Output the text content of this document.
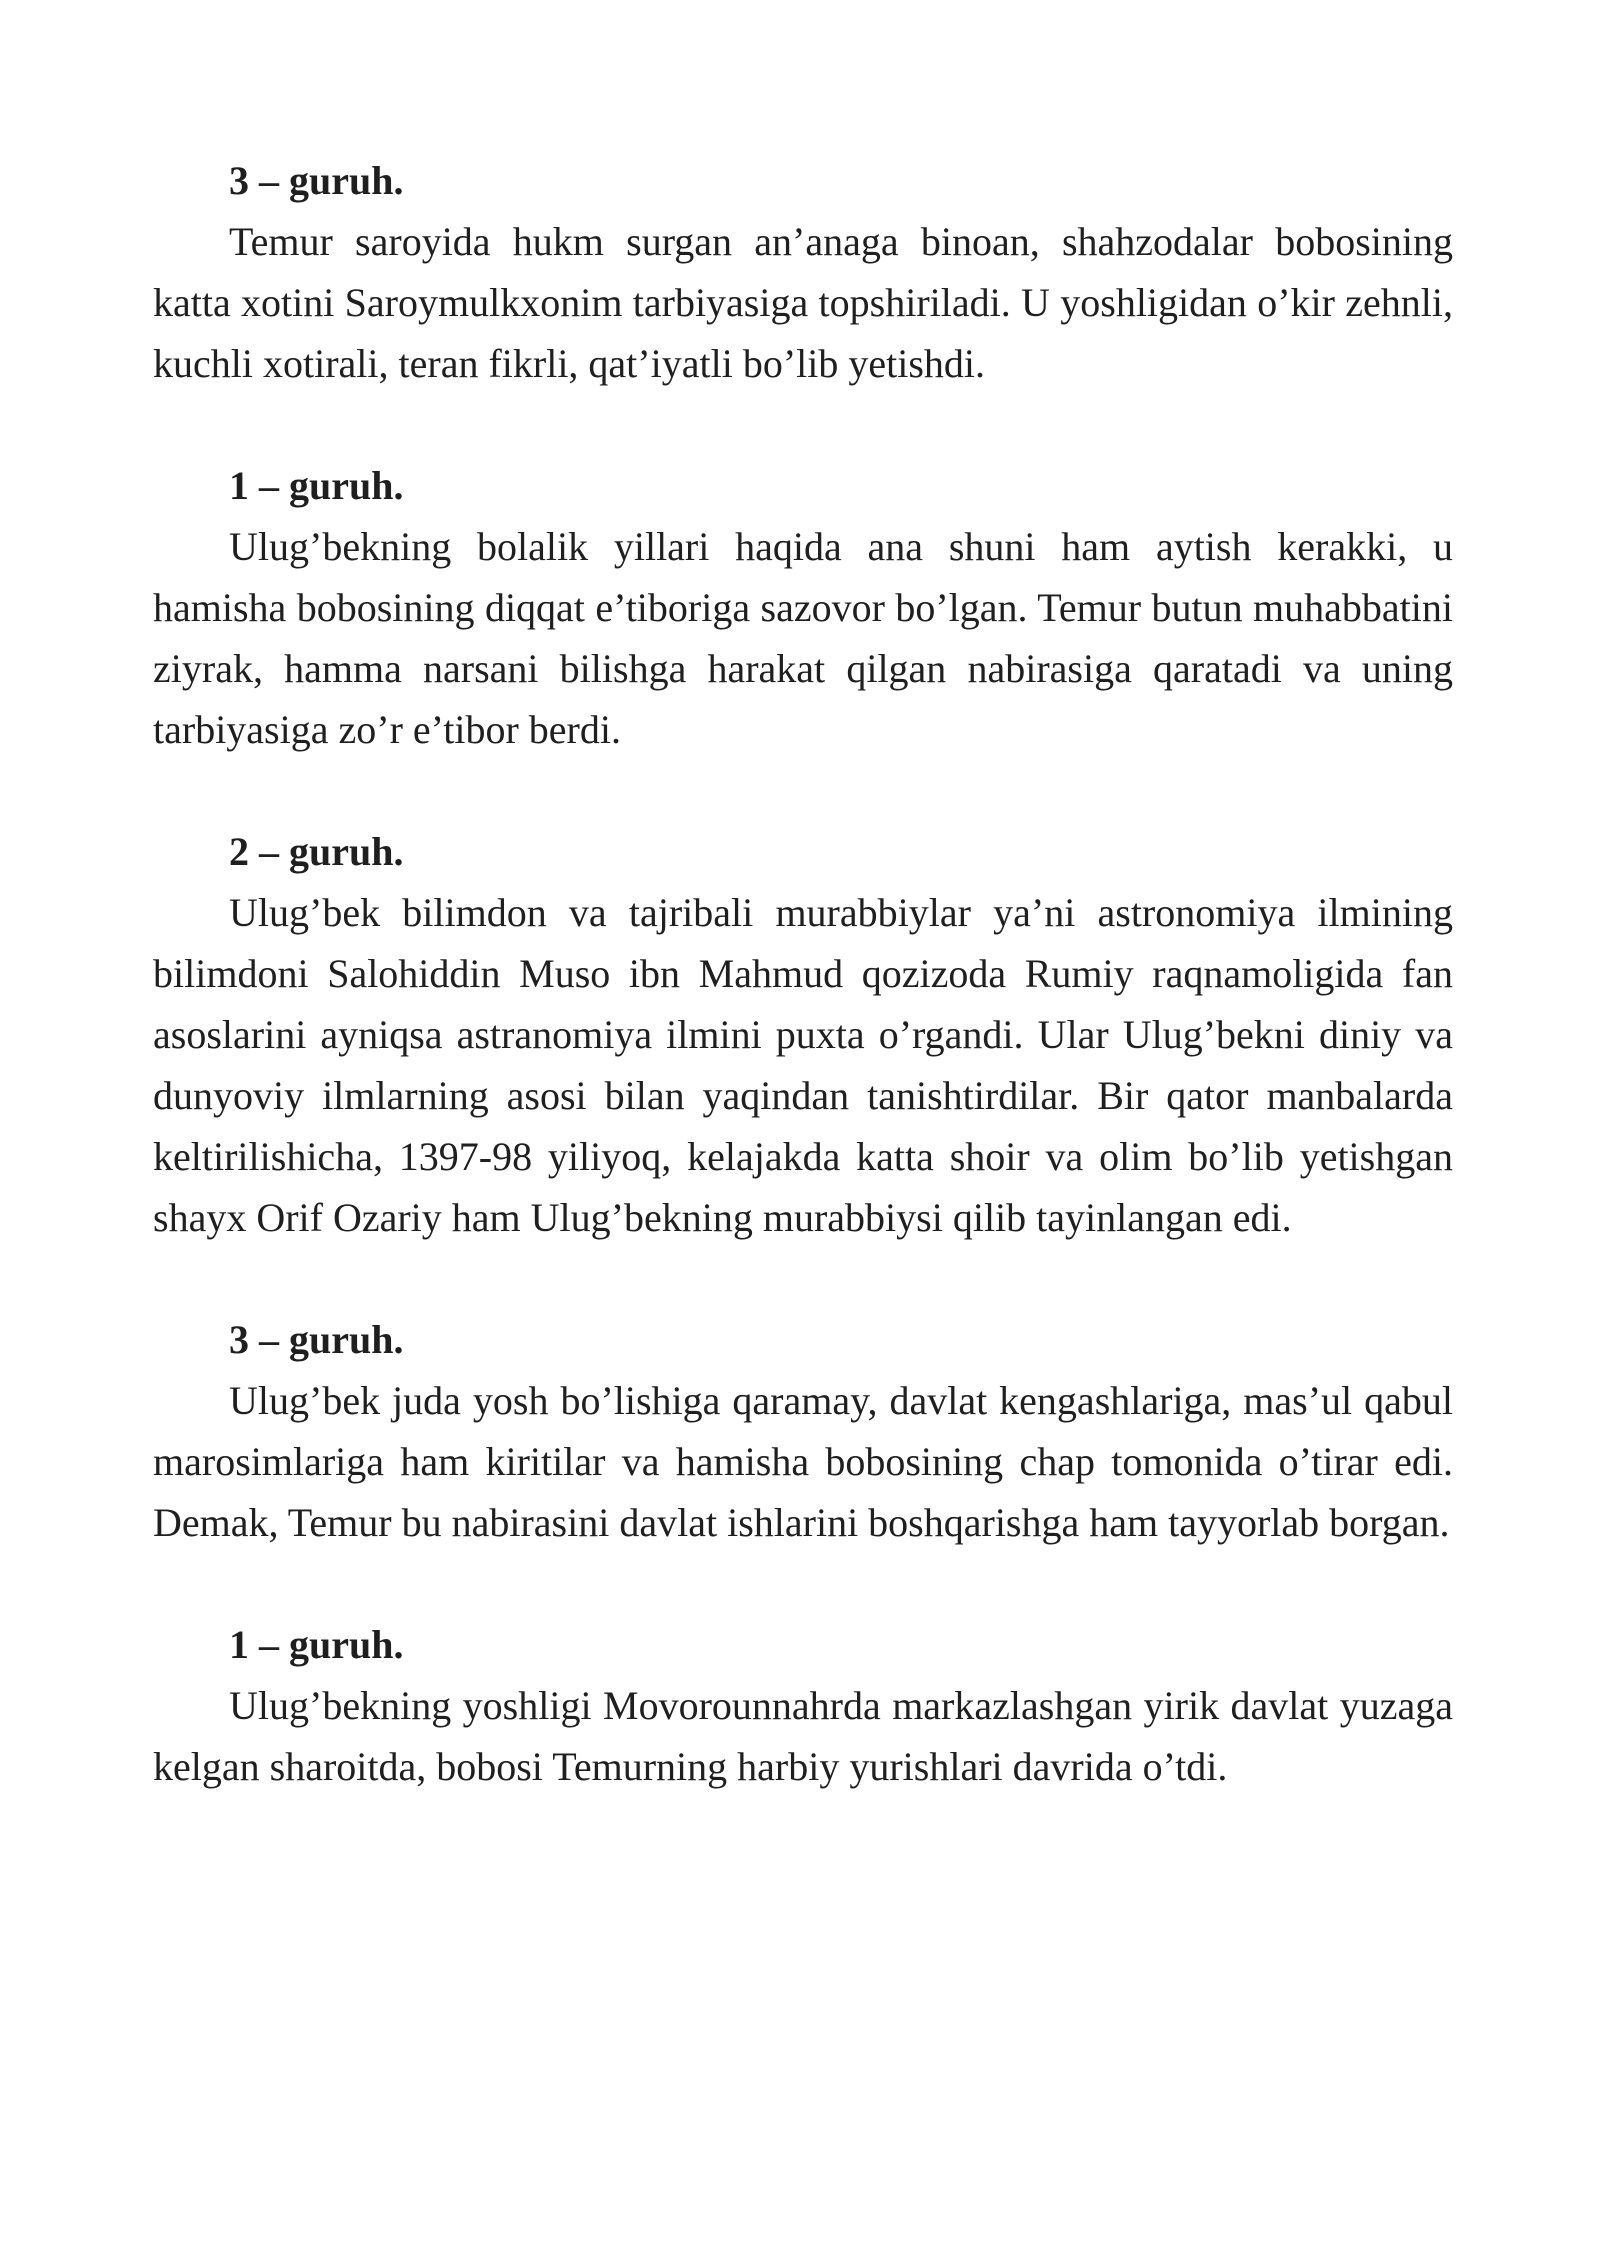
3 – guruh.

Temur saroyida hukm surgan an’anaga binoan, shahzodalar bobosining katta xotini Saroymulkxonim tarbiyasiga topshiriladi. U yoshligidan o’kir zehnli, kuchli xotirali, teran fikrli, qat’iyatli bo’lib yetishdi.

1 – guruh.

Ulug’bekning bolalik yillari haqida ana shuni ham aytish kerakki, u hamisha bobosining diqqat e’tiboriga sazovor bo’lgan. Temur butun muhabbatini ziyrak, hamma narsani bilishga harakat qilgan nabirasiga qaratadi va uning tarbiyasiga zo’r e’tibor berdi.

2 – guruh.

Ulug’bek bilimdon va tajribali murabbiylar ya’ni astronomiya ilmining bilimdoni Salohiddin Muso ibn Mahmud qozizoda Rumiy raqnamoligida fan asoslarini ayniqsa astranomiya ilmini puxta o’rgandi. Ular Ulug’bekni diniy va dunyoviy ilmlarning asosi bilan yaqindan tanishtirdilar. Bir qator manbalarda keltirilishicha, 1397-98 yiliyoq, kelajakda katta shoir va olim bo’lib yetishgan shayx Orif Ozariy ham Ulug’bekning murabbiysi qilib tayinlangan edi.

3 – guruh.

Ulug’bek juda yosh bo’lishiga qaramay, davlat kengashlariga, mas’ul qabul marosimlariga ham kiritilar va hamisha bobosining chap tomonida o’tirar edi. Demak, Temur bu nabirasini davlat ishlarini boshqarishga ham tayyorlab borgan.

1 – guruh.

Ulug’bekning yoshligi Movorounnahrda markazlashgan yirik davlat yuzaga kelgan sharoitda, bobosi Temurning harbiy yurishlari davrida o’tdi.
